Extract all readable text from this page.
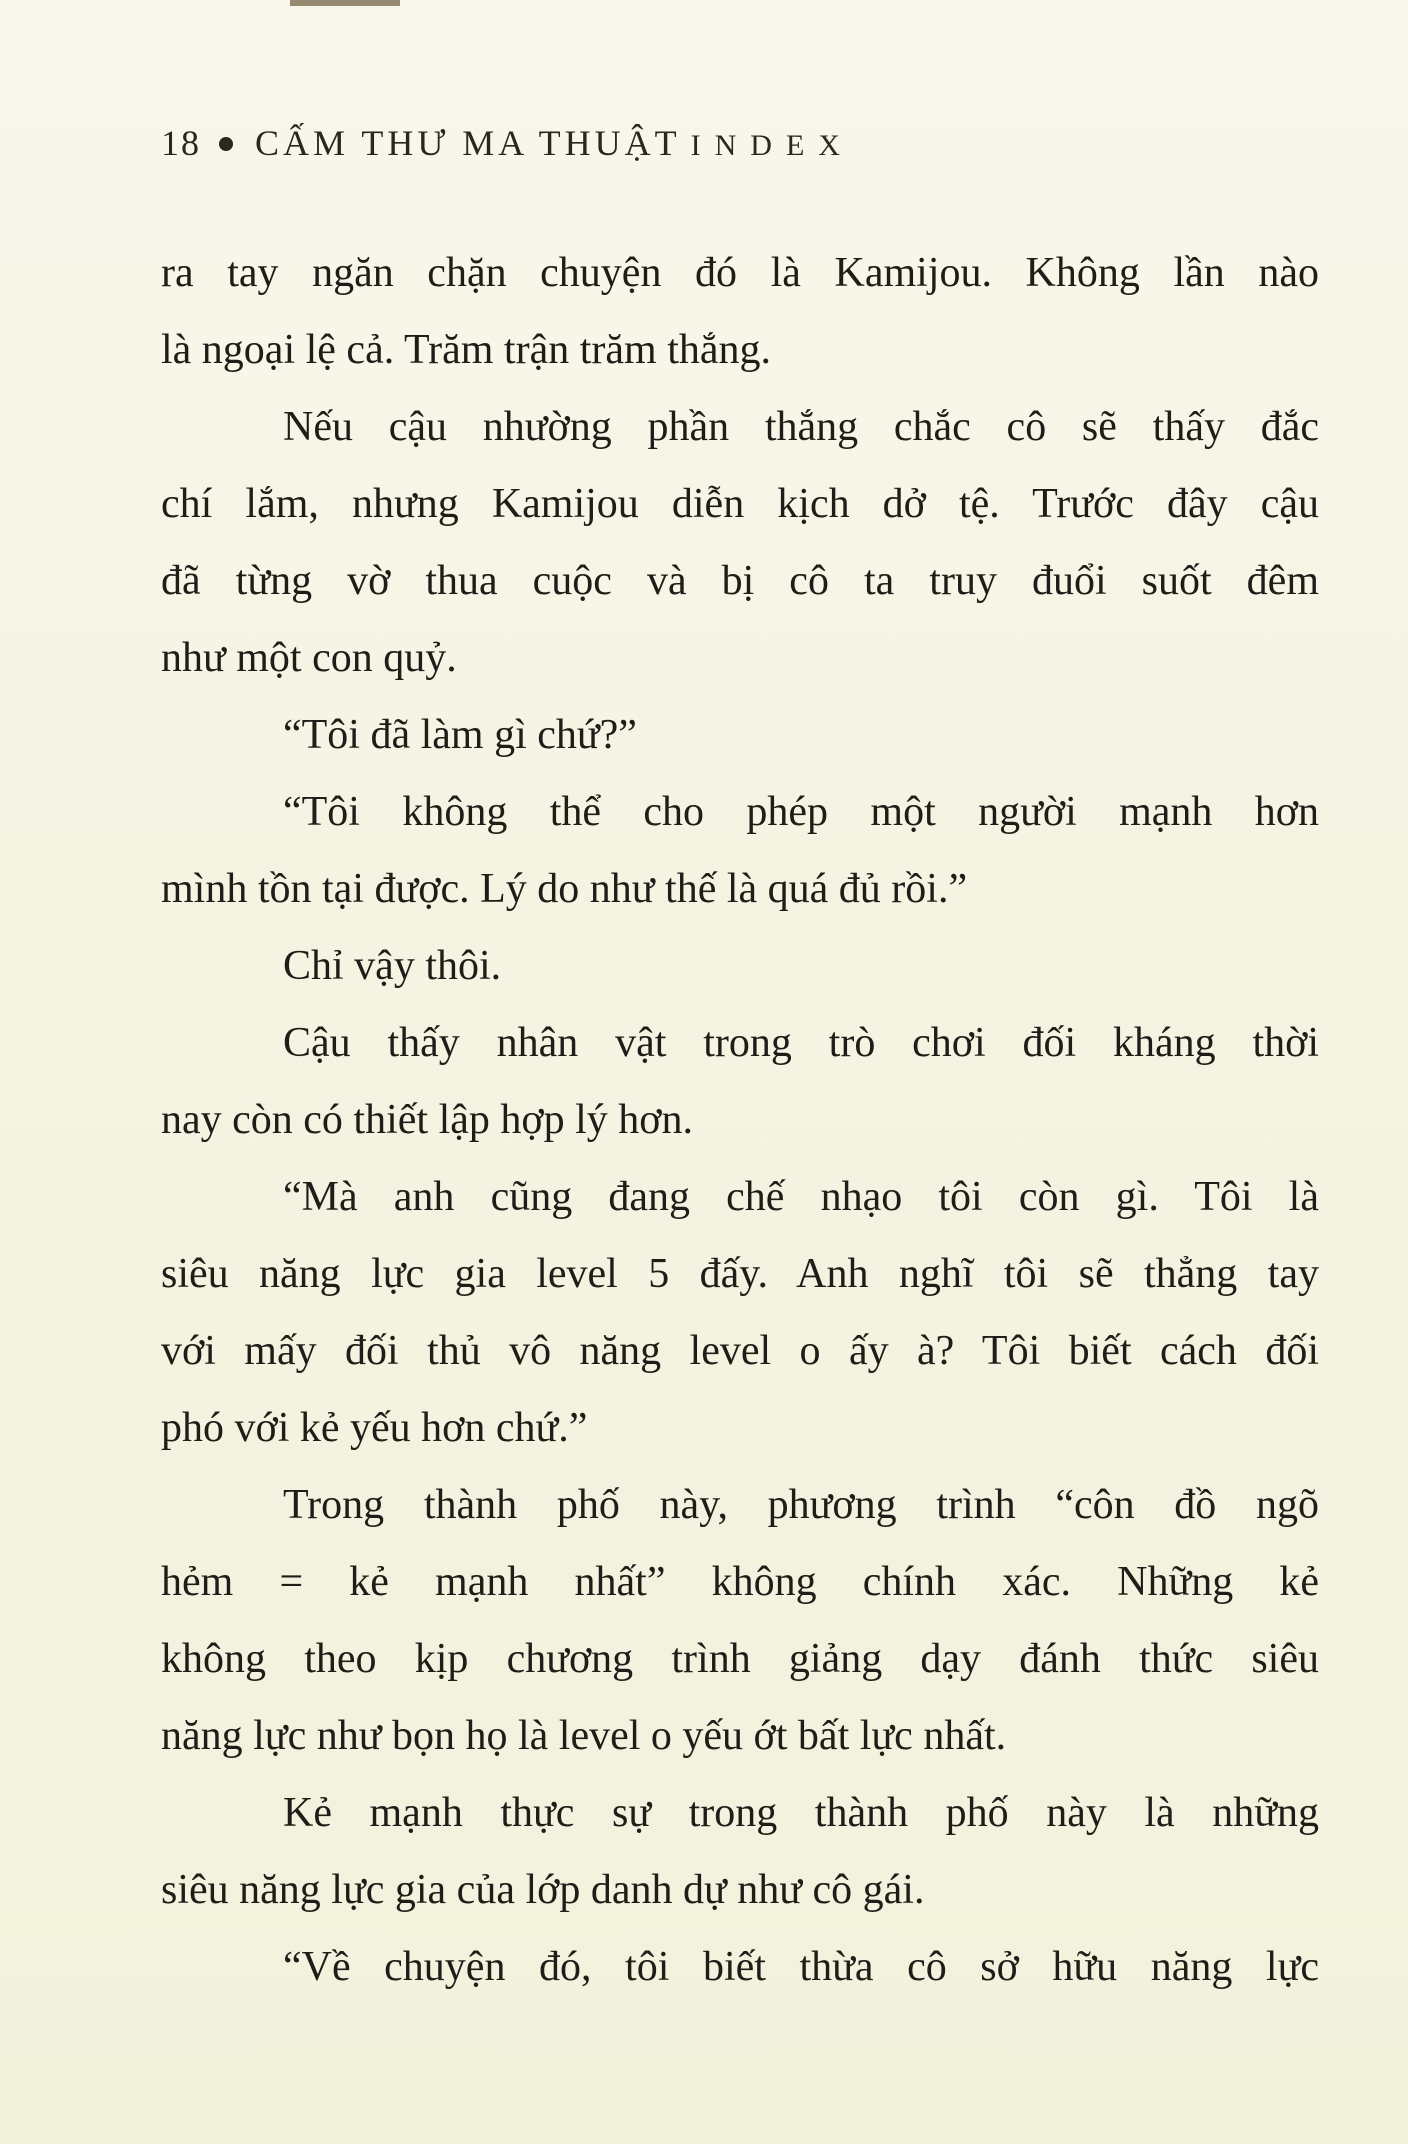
18 CẤM THƯ MA THUẬT INDEX
ra tay ngăn chặn chuyện đó là Kamijou. Không lần nào
là ngoại lệ cả. Trăm trận trăm thắng.
Nếu cậu nhường phần thắng chắc cô sẽ thấy đắc
chí lắm, nhưng Kamijou diễn kịch dở tệ. Trước đây cậu
đã từng vờ thua cuộc và bị cô ta truy đuổi suốt đêm
như một con quỷ.
“Tôi đã làm gì chứ?”
“Tôi không thể cho phép một người mạnh hơn
mình tồn tại được. Lý do như thế là quá đủ rồi.”
Chỉ vậy thôi.
Cậu thấy nhân vật trong trò chơi đối kháng thời
nay còn có thiết lập hợp lý hơn.
“Mà anh cũng đang chế nhạo tôi còn gì. Tôi là
siêu năng lực gia level 5 đấy. Anh nghĩ tôi sẽ thẳng tay
với mấy đối thủ vô năng level o ấy à? Tôi biết cách đối
phó với kẻ yếu hơn chứ.”
Trong thành phố này, phương trình “côn đồ ngõ
hẻm = kẻ mạnh nhất” không chính xác. Những kẻ
không theo kịp chương trình giảng dạy đánh thức siêu
năng lực như bọn họ là level o yếu ớt bất lực nhất.
Kẻ mạnh thực sự trong thành phố này là những
siêu năng lực gia của lớp danh dự như cô gái.
“Về chuyện đó, tôi biết thừa cô sở hữu năng lực
